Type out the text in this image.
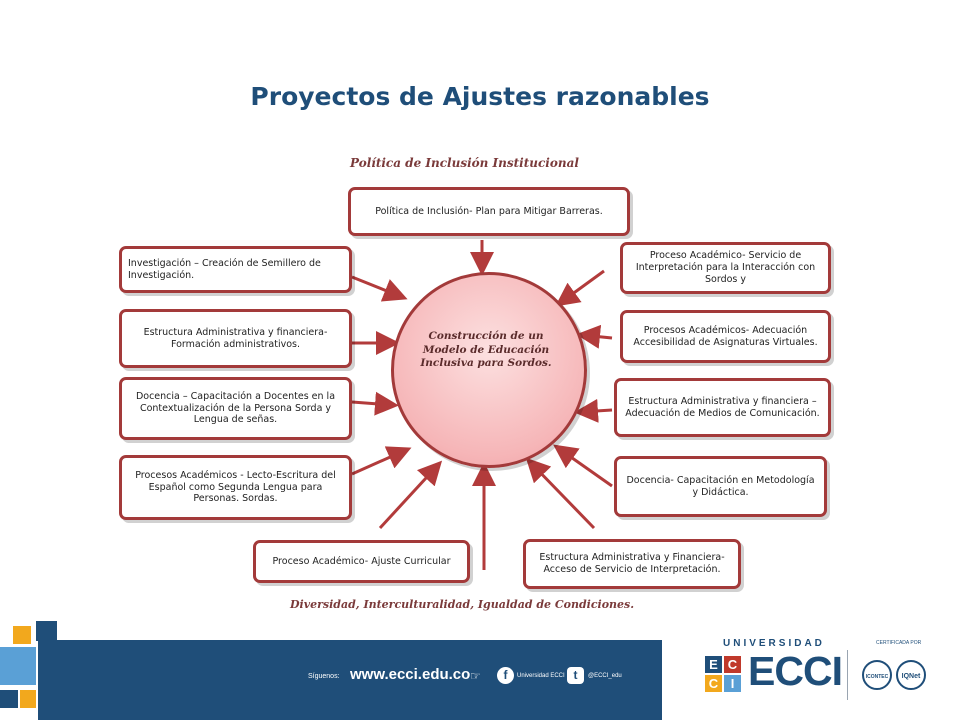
Proyectos de Ajustes razonables
Política de Inclusión Institucional
Política de Inclusión- Plan para Mitigar Barreras.
Investigación – Creación de Semillero de Investigación.
Estructura Administrativa y financiera- Formación administrativos.
Docencia – Capacitación a Docentes en la Contextualización de la Persona Sorda y Lengua de señas.
Procesos Académicos - Lecto-Escritura del Español como Segunda Lengua para Personas. Sordas.
Proceso Académico- Ajuste Curricular	Estructura Administrativa y Financiera- Acceso de Servicio de Interpretación.
Proceso Académico- Servicio de Interpretación para la Interacción con Sordos y
Procesos Académicos- Adecuación Accesibilidad de Asignaturas Virtuales.
Estructura Administrativa y financiera – Adecuación de Medios de Comunicación.
Docencia- Capacitación en Metodología y Didáctica.
Construcción de un Modelo de Educación Inclusiva para Sordos.
Diversidad, Interculturalidad, Igualdad de Condiciones.
Síguenos: www.ecci.edu.co ☞	f	Universidad ECCI t	@ECCI_edu
UNIVERSIDAD
E C
C I ECCI
CERTIFICADA POR
ICONTEC	IQNet
